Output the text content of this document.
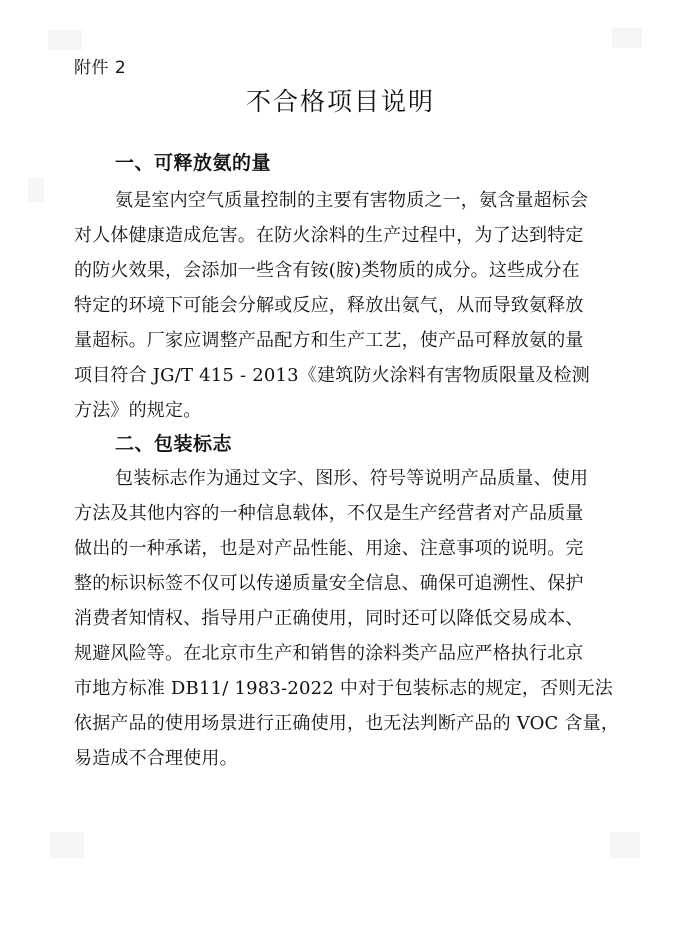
附件 2
不合格项目说明
一、可释放氨的量
氨是室内空气质量控制的主要有害物质之一，氨含量超标会
对人体健康造成危害。在防火涂料的生产过程中，为了达到特定
的防火效果，会添加一些含有铵(胺)类物质的成分。这些成分在
特定的环境下可能会分解或反应，释放出氨气，从而导致氨释放
量超标。厂家应调整产品配方和生产工艺，使产品可释放氨的量
项目符合 JG/T 415 - 2013《建筑防火涂料有害物质限量及检测
方法》的规定。
二、包装标志
包装标志作为通过文字、图形、符号等说明产品质量、使用
方法及其他内容的一种信息载体，不仅是生产经营者对产品质量
做出的一种承诺，也是对产品性能、用途、注意事项的说明。完
整的标识标签不仅可以传递质量安全信息、确保可追溯性、保护
消费者知情权、指导用户正确使用，同时还可以降低交易成本、
规避风险等。在北京市生产和销售的涂料类产品应严格执行北京
市地方标准 DB11/ 1983-2022 中对于包装标志的规定，否则无法
依据产品的使用场景进行正确使用，也无法判断产品的 VOC 含量，
易造成不合理使用。
